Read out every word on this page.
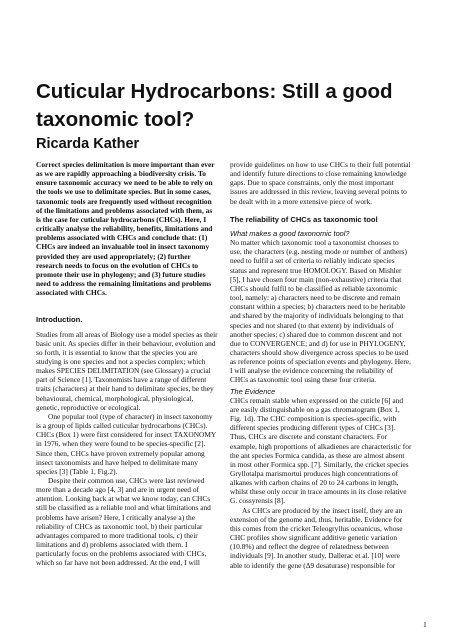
Cuticular Hydrocarbons: Still a good taxonomic tool?
Ricarda Kather

Correct species delimitation is more important than ever as we are rapidly approaching a biodiversity crisis. To ensure taxonomic accuracy we need to be able to rely on the tools we use to delimitate species. But in some cases, taxonomic tools are frequently used without recognition of the limitations and problems associated with them, as is the case for cuticular hydrocarbons (CHCs). Here, I critically analyse the reliability, benefits, limitations and problems associated with CHCs and conclude that: (1) CHCs are indeed an invaluable tool in insect taxonomy provided they are used appropriately; (2) further research needs to focus on the evolution of CHCs to promote their use in phylogeny; and (3) future studies need to address the remaining limitations and problems associated with CHCs.

Introduction.

Studies from all areas of Biology use a model species as their basic unit. As species differ in their behaviour, evolution and so forth, it is essential to know that the species you are studying is one species and not a species complex; which makes SPECIES DELIMITATION (see Glossary) a crucial part of Science [1]. Taxonomists have a range of different traits (characters) at their hand to delimitate species, be they behavioural, chemical, morphological, physiological, genetic, reproductive or ecological.

One popular tool (type of character) in insect taxonomy is a group of lipids called cuticular hydrocarbons (CHCs). CHCs (Box 1) were first considered for insect TAXONOMY in 1976, when they were found to be species-specific [2]. Since then, CHCs have proven extremely popular among insect taxonomists and have helped to delimitate many species [3] (Table 1, Fig.2).

Despite their common use, CHCs were last reviewed more than a decade ago [4, 3] and are in urgent need of attention. Looking back at what we know today, can CHCs still be classified as a reliable tool and what limitations and problems have arisen? Here, I critically analyse a) the reliability of CHCs as taxonomic tool, b) their particular advantages compared to more traditional tools, c) their limitations and d) problems associated with them. I particularly focus on the problems associated with CHCs, which so far have not been addressed. At the end, I will

provide guidelines on how to use CHCs to their full potential and identify future directions to close remaining knowledge gaps. Due to space constraints, only the most important issues are addressed in this review, leaving several points to be dealt with in a more extensive piece of work.

The reliability of CHCs as taxonomic tool

What makes a good taxonomic tool?

No matter which taxonomic tool a taxonomist chooses to use, the characters (e.g. nesting mode or number of anthers) need to fulfil a set of criteria to reliably indicate species status and represent true HOMOLOGY. Based on Mishler [5], I have chosen four main (non-exhaustive) criteria that CHCs should fulfil to be classified as reliable taxonomic tool, namely: a) characters need to be discrete and remain constant within a species; b) characters need to be heritable and shared by the majority of individuals belonging to that species and not shared (to that extent) by individuals of another species; c) shared due to common descent and not due to CONVERGENCE; and d) for use in PHYLOGENY, characters should show divergence across species to be used as reference points of speciation events and phylogeny. Here, I will analyse the evidence concerning the reliability of CHCs as taxonomic tool using these four criteria.

The Evidence

CHCs remain stable when expressed on the cuticle [6] and are easily distinguishable on a gas chromatogram (Box 1, Fig. 1d). The CHC composition is species-specific, with different species producing different types of CHCs [3]. Thus, CHCs are discrete and constant characters. For example, high proportions of alkadienes are characteristic for the ant species Formica candida, as these are almost absent in most other Formica spp. [7]. Similarly, the cricket species Gryllotalpa marismortui produces high concentrations of alkanes with carbon chains of 20 to 24 carbons in length, whilst these only occur in trace amounts in its close relative G. cossyrensis [8].

As CHCs are produced by the insect itself, they are an extension of the genome and, thus, heritable. Evidence for this comes from the cricket Teleogryllus oceanicus, whose CHC profiles show significant additive genetic variation (10.8%) and reflect the degree of relatedness between individuals [9]. In another study, Dallerac et al. [10] were able to identify the gene (Δ9 desaturase) responsible for

1
